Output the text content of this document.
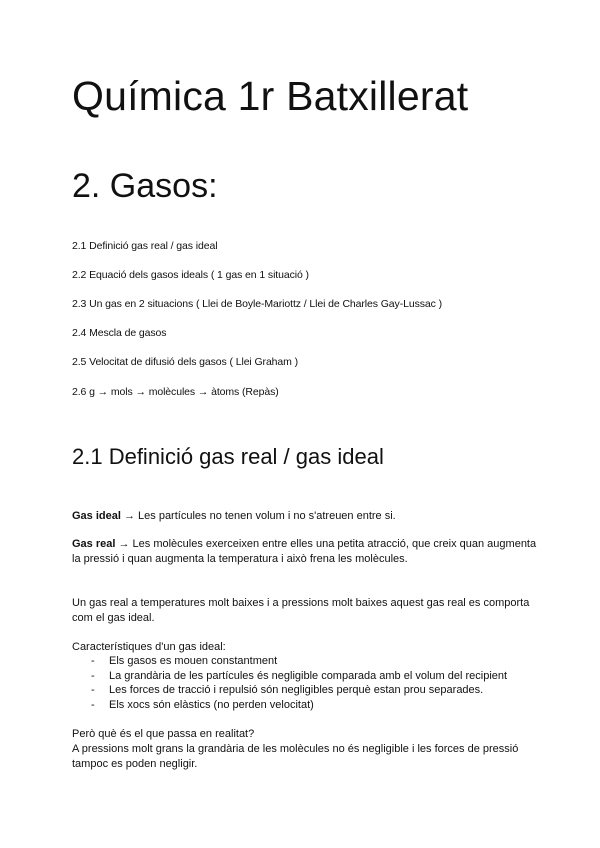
Química 1r Batxillerat
2. Gasos:
2.1 Definició gas real / gas ideal
2.2 Equació dels gasos ideals ( 1 gas en 1 situació )
2.3 Un gas en 2 situacions ( Llei de Boyle-Mariottz / Llei de Charles Gay-Lussac )
2.4 Mescla de gasos
2.5 Velocitat de difusió dels gasos ( Llei Graham )
2.6 g → mols → molècules → àtoms (Repàs)
2.1 Definició gas real / gas ideal

Gas ideal → Les partícules no tenen volum i no s'atreuen entre si.

Gas real → Les molècules exerceixen entre elles una petita atracció, que creix quan augmenta la pressió i quan augmenta la temperatura i això frena les molècules.

Un gas real a temperatures molt baixes i a pressions molt baixes aquest gas real es comporta com el gas ideal.

Característiques d'un gas ideal:

- Els gasos es mouen constantment
- La grandària de les partícules és negligible comparada amb el volum del recipient
- Les forces de tracció i repulsió són negligibles perquè estan prou separades.
- Els xocs són elàstics (no perden velocitat)

Però què és el que passa en realitat?

A pressions molt grans la grandària de les molècules no és negligible i les forces de pressió tampoc es poden negligir.
